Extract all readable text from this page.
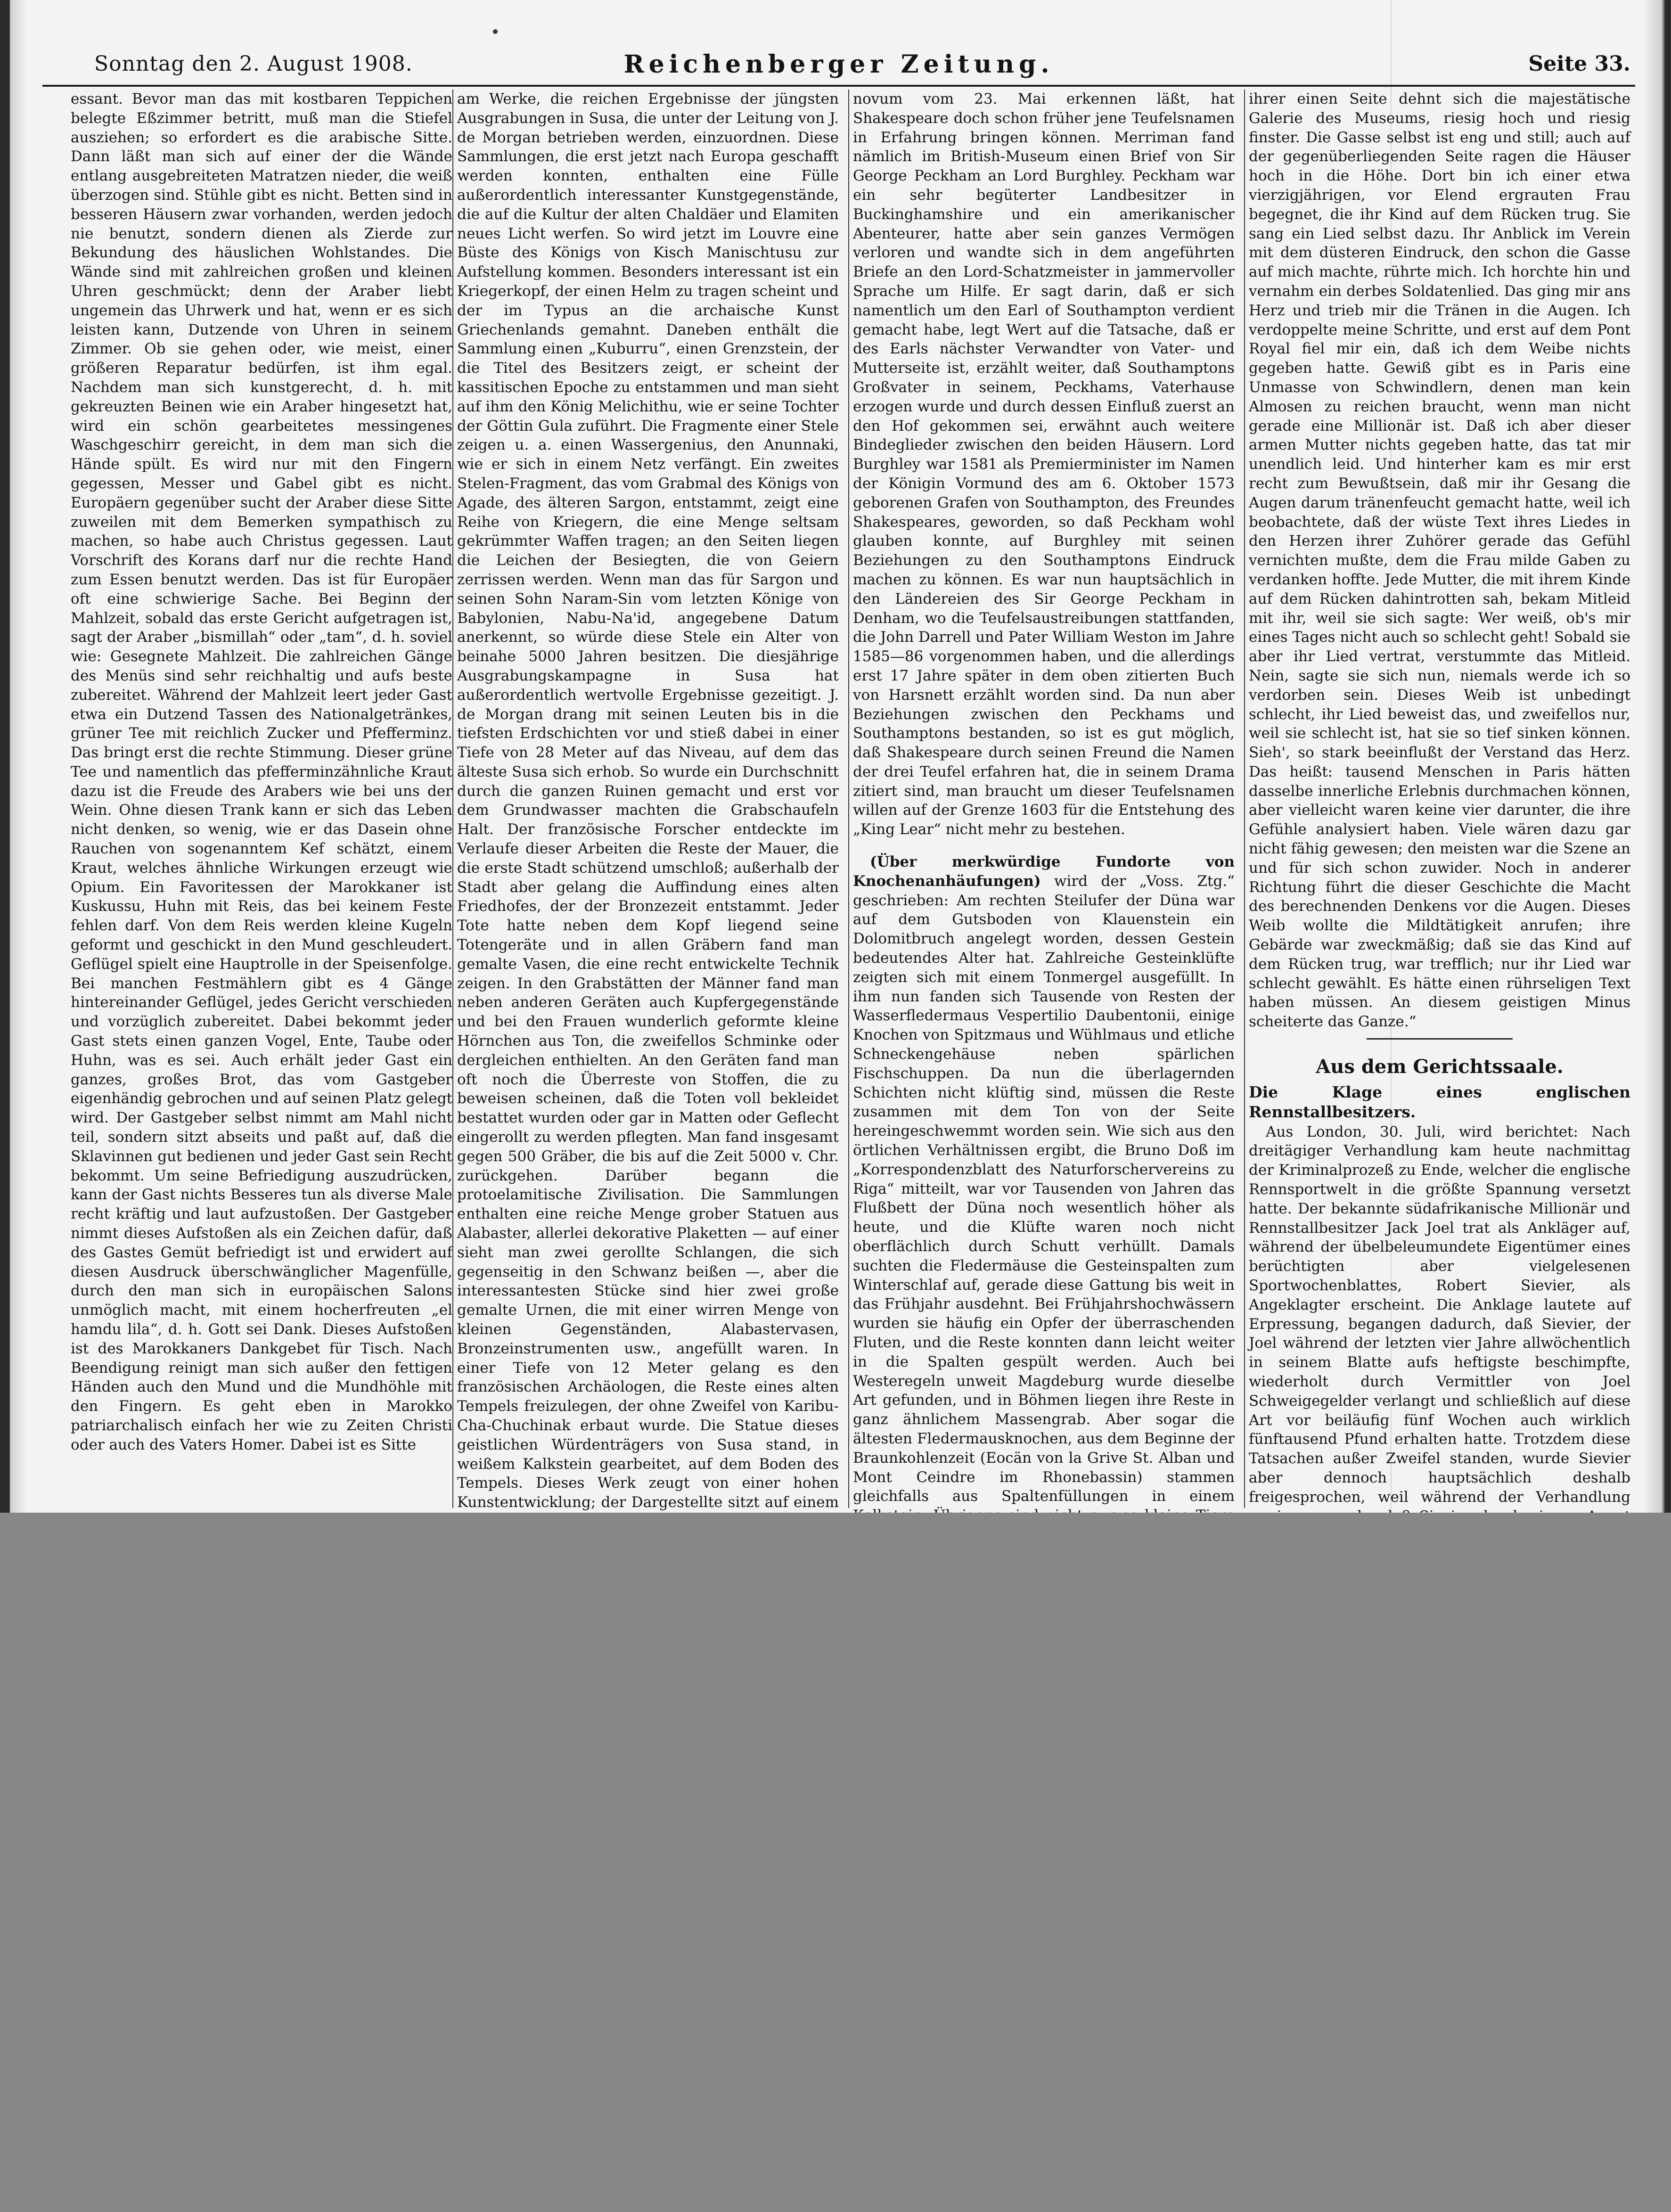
Sonntag den 2. August 1908.	Reichenberger Zeitung.	Seite 33.

essant. Bevor man das mit kostbaren Teppichen belegte Eßzimmer betritt, muß man die Stiefel ausziehen; so erfordert es die arabische Sitte. Dann läßt man sich auf einer der die Wände entlang ausgebreiteten Matratzen nieder, die weiß überzogen sind. Stühle gibt es nicht. Betten sind in besseren Häusern zwar vorhanden, werden jedoch nie benutzt, sondern dienen als Zierde zur Bekundung des häuslichen Wohlstandes. Die Wände sind mit zahlreichen großen und kleinen Uhren geschmückt; denn der Araber liebt ungemein das Uhrwerk und hat, wenn er es sich leisten kann, Dutzende von Uhren in seinem Zimmer. Ob sie gehen oder, wie meist, einer größeren Reparatur bedürfen, ist ihm egal. Nachdem man sich kunstgerecht, d. h. mit gekreuzten Beinen wie ein Araber hingesetzt hat, wird ein schön gearbeitetes messingenes Waschgeschirr gereicht, in dem man sich die Hände spült. Es wird nur mit den Fingern gegessen, Messer und Gabel gibt es nicht. Europäern gegenüber sucht der Araber diese Sitte zuweilen mit dem Bemerken sympathisch zu machen, so habe auch Christus gegessen. Laut Vorschrift des Korans darf nur die rechte Hand zum Essen benutzt werden. Das ist für Europäer oft eine schwierige Sache. Bei Beginn der Mahlzeit, sobald das erste Gericht aufgetragen ist, sagt der Araber „bismillah“ oder „tam“, d. h. soviel wie: Gesegnete Mahlzeit. Die zahlreichen Gänge des Menüs sind sehr reichhaltig und aufs beste zubereitet. Während der Mahlzeit leert jeder Gast etwa ein Dutzend Tassen des Nationalgetränkes, grüner Tee mit reichlich Zucker und Pfefferminz. Das bringt erst die rechte Stimmung. Dieser grüne Tee und namentlich das pfefferminzähnliche Kraut dazu ist die Freude des Arabers wie bei uns der Wein. Ohne diesen Trank kann er sich das Leben nicht denken, so wenig, wie er das Dasein ohne Rauchen von sogenanntem Kef schätzt, einem Kraut, welches ähnliche Wirkungen erzeugt wie Opium. Ein Favoritessen der Marokkaner ist Kuskussu, Huhn mit Reis, das bei keinem Feste fehlen darf. Von dem Reis werden kleine Kugeln geformt und geschickt in den Mund geschleudert. Geflügel spielt eine Hauptrolle in der Speisenfolge. Bei manchen Festmählern gibt es 4 Gänge hintereinander Geflügel, jedes Gericht verschieden und vorzüglich zubereitet. Dabei bekommt jeder Gast stets einen ganzen Vogel, Ente, Taube oder Huhn, was es sei. Auch erhält jeder Gast ein ganzes, großes Brot, das vom Gastgeber eigenhändig gebrochen und auf seinen Platz gelegt wird. Der Gastgeber selbst nimmt am Mahl nicht teil, sondern sitzt abseits und paßt auf, daß die Sklavinnen gut bedienen und jeder Gast sein Recht bekommt. Um seine Befriedigung auszudrücken, kann der Gast nichts Besseres tun als diverse Male recht kräftig und laut aufzustoßen. Der Gastgeber nimmt dieses Aufstoßen als ein Zeichen dafür, daß des Gastes Gemüt befriedigt ist und erwidert auf diesen Ausdruck überschwänglicher Magenfülle, durch den man sich in europäischen Salons unmöglich macht, mit einem hocherfreuten „el hamdu lila“, d. h. Gott sei Dank. Dieses Aufstoßen ist des Marokkaners Dankgebet für Tisch. Nach Beendigung reinigt man sich außer den fettigen Händen auch den Mund und die Mundhöhle mit den Fingern. Es geht eben in Marokko patriarchalisch einfach her wie zu Zeiten Christi oder auch des Vaters Homer. Dabei ist es Sitte

am Werke, die reichen Ergebnisse der jüngsten Ausgrabungen in Susa, die unter der Leitung von J. de Morgan betrieben werden, einzuordnen. Diese Sammlungen, die erst jetzt nach Europa geschafft werden konnten, enthalten eine Fülle außerordentlich interessanter Kunstgegenstände, die auf die Kultur der alten Chaldäer und Elamiten neues Licht werfen. So wird jetzt im Louvre eine Büste des Königs von Kisch Manischtusu zur Aufstellung kommen. Besonders interessant ist ein Kriegerkopf, der einen Helm zu tragen scheint und der im Typus an die archaische Kunst Griechenlands gemahnt. Daneben enthält die Sammlung einen „Kuburru“, einen Grenzstein, der die Titel des Besitzers zeigt, er scheint der kassitischen Epoche zu entstammen und man sieht auf ihm den König Melichithu, wie er seine Tochter der Göttin Gula zuführt. Die Fragmente einer Stele zeigen u. a. einen Wassergenius, den Anunnaki, wie er sich in einem Netz verfängt. Ein zweites Stelen-Fragment, das vom Grabmal des Königs von Agade, des älteren Sargon, entstammt, zeigt eine Reihe von Kriegern, die eine Menge seltsam gekrümmter Waffen tragen; an den Seiten liegen die Leichen der Besiegten, die von Geiern zerrissen werden. Wenn man das für Sargon und seinen Sohn Naram-Sin vom letzten Könige von Babylonien, Nabu-Na'id, angegebene Datum anerkennt, so würde diese Stele ein Alter von beinahe 5000 Jahren besitzen. Die diesjährige Ausgrabungskampagne in Susa hat außerordentlich wertvolle Ergebnisse gezeitigt. J. de Morgan drang mit seinen Leuten bis in die tiefsten Erdschichten vor und stieß dabei in einer Tiefe von 28 Meter auf das Niveau, auf dem das älteste Susa sich erhob. So wurde ein Durchschnitt durch die ganzen Ruinen gemacht und erst vor dem Grundwasser machten die Grabschaufeln Halt. Der französische Forscher entdeckte im Verlaufe dieser Arbeiten die Reste der Mauer, die die erste Stadt schützend umschloß; außerhalb der Stadt aber gelang die Auffindung eines alten Friedhofes, der der Bronzezeit entstammt. Jeder Tote hatte neben dem Kopf liegend seine Totengeräte und in allen Gräbern fand man gemalte Vasen, die eine recht entwickelte Technik zeigen. In den Grabstätten der Männer fand man neben anderen Geräten auch Kupfergegenstände und bei den Frauen wunderlich geformte kleine Hörnchen aus Ton, die zweifellos Schminke oder dergleichen enthielten. An den Geräten fand man oft noch die Überreste von Stoffen, die zu beweisen scheinen, daß die Toten voll bekleidet bestattet wurden oder gar in Matten oder Geflecht eingerollt zu werden pflegten. Man fand insgesamt gegen 500 Gräber, die bis auf die Zeit 5000 v. Chr. zurückgehen. Darüber begann die protoelamitische Zivilisation. Die Sammlungen enthalten eine reiche Menge grober Statuen aus Alabaster, allerlei dekorative Plaketten — auf einer sieht man zwei gerollte Schlangen, die sich gegenseitig in den Schwanz beißen —, aber die interessantesten Stücke sind hier zwei große gemalte Urnen, die mit einer wirren Menge von kleinen Gegenständen, Alabastervasen, Bronzeinstrumenten usw., angefüllt waren. In einer Tiefe von 12 Meter gelang es den französischen Archäologen, die Reste eines alten Tempels freizulegen, der ohne Zweifel von Karibu-Cha-Chuchinak erbaut wurde. Die Statue dieses geistlichen Würdenträgers von Susa stand, in weißem Kalkstein gearbeitet, auf dem Boden des Tempels. Dieses Werk zeugt von einer hohen Kunstentwicklung; der Dargestellte sitzt auf einem

novum vom 23. Mai erkennen läßt, hat Shakespeare doch schon früher jene Teufelsnamen in Erfahrung bringen können. Merriman fand nämlich im British-Museum einen Brief von Sir George Peckham an Lord Burghley. Peckham war ein sehr begüterter Landbesitzer in Buckinghamshire und ein amerikanischer Abenteurer, hatte aber sein ganzes Vermögen verloren und wandte sich in dem angeführten Briefe an den Lord-Schatzmeister in jammervoller Sprache um Hilfe. Er sagt darin, daß er sich namentlich um den Earl of Southampton verdient gemacht habe, legt Wert auf die Tatsache, daß er des Earls nächster Verwandter von Vater- und Mutterseite ist, erzählt weiter, daß Southamptons Großvater in seinem, Peckhams, Vaterhause erzogen wurde und durch dessen Einfluß zuerst an den Hof gekommen sei, erwähnt auch weitere Bindeglieder zwischen den beiden Häusern. Lord Burghley war 1581 als Premierminister im Namen der Königin Vormund des am 6. Oktober 1573 geborenen Grafen von Southampton, des Freundes Shakespeares, geworden, so daß Peckham wohl glauben konnte, auf Burghley mit seinen Beziehungen zu den Southamptons Eindruck machen zu können. Es war nun hauptsächlich in den Ländereien des Sir George Peckham in Denham, wo die Teufelsaustreibungen stattfanden, die John Darrell und Pater William Weston im Jahre 1585—86 vorgenommen haben, und die allerdings erst 17 Jahre später in dem oben zitierten Buch von Harsnett erzählt worden sind. Da nun aber Beziehungen zwischen den Peckhams und Southamptons bestanden, so ist es gut möglich, daß Shakespeare durch seinen Freund die Namen der drei Teufel erfahren hat, die in seinem Drama zitiert sind, man braucht um dieser Teufelsnamen willen auf der Grenze 1603 für die Entstehung des „King Lear“ nicht mehr zu bestehen.

(Über merkwürdige Fundorte von Knochenanhäufungen) wird der „Voss. Ztg.“ geschrieben: Am rechten Steilufer der Düna war auf dem Gutsboden von Klauenstein ein Dolomitbruch angelegt worden, dessen Gestein bedeutendes Alter hat. Zahlreiche Gesteinklüfte zeigten sich mit einem Tonmergel ausgefüllt. In ihm nun fanden sich Tausende von Resten der Wasserfledermaus Vespertilio Daubentonii, einige Knochen von Spitzmaus und Wühlmaus und etliche Schneckengehäuse neben spärlichen Fischschuppen. Da nun die überlagernden Schichten nicht klüftig sind, müssen die Reste zusammen mit dem Ton von der Seite hereingeschwemmt worden sein. Wie sich aus den örtlichen Verhältnissen ergibt, die Bruno Doß im „Korrespondenzblatt des Naturforschervereins zu Riga“ mitteilt, war vor Tausenden von Jahren das Flußbett der Düna noch wesentlich höher als heute, und die Klüfte waren noch nicht oberflächlich durch Schutt verhüllt. Damals suchten die Fledermäuse die Gesteinspalten zum Winterschlaf auf, gerade diese Gattung bis weit in das Frühjahr ausdehnt. Bei Frühjahrshochwässern wurden sie häufig ein Opfer der überraschenden Fluten, und die Reste konnten dann leicht weiter in die Spalten gespült werden. Auch bei Westeregeln unweit Magdeburg wurde dieselbe Art gefunden, und in Böhmen liegen ihre Reste in ganz ähnlichem Massengrab. Aber sogar die ältesten Fledermausknochen, aus dem Beginne der Braunkohlenzeit (Eocän von la Grive St. Alban und Mont Ceindre im Rhonebassin) stammen gleichfalls aus Spaltenfüllungen in einem

ihrer einen Seite dehnt sich die majestätische Galerie des Museums, riesig hoch und riesig finster. Die Gasse selbst ist eng und still; auch auf der gegenüberliegenden Seite ragen die Häuser hoch in die Höhe. Dort bin ich einer etwa vierzigjährigen, vor Elend ergrauten Frau begegnet, die ihr Kind auf dem Rücken trug. Sie sang ein Lied selbst dazu. Ihr Anblick im Verein mit dem düsteren Eindruck, den schon die Gasse auf mich machte, rührte mich. Ich horchte hin und vernahm ein derbes Soldatenlied. Das ging mir ans Herz und trieb mir die Tränen in die Augen. Ich verdoppelte meine Schritte, und erst auf dem Pont Royal fiel mir ein, daß ich dem Weibe nichts gegeben hatte. Gewiß gibt es in Paris eine Unmasse von Schwindlern, denen man kein Almosen zu reichen braucht, wenn man nicht gerade eine Millionär ist. Daß ich aber dieser armen Mutter nichts gegeben hatte, das tat mir unendlich leid. Und hinterher kam es mir erst recht zum Bewußtsein, daß mir ihr Gesang die Augen darum tränenfeucht gemacht hatte, weil ich beobachtete, daß der wüste Text ihres Liedes in den Herzen ihrer Zuhörer gerade das Gefühl vernichten mußte, dem die Frau milde Gaben zu verdanken hoffte. Jede Mutter, die mit ihrem Kinde auf dem Rücken dahintrotten sah, bekam Mitleid mit ihr, weil sie sich sagte: Wer weiß, ob's mir eines Tages nicht auch so schlecht geht! Sobald sie aber ihr Lied vertrat, verstummte das Mitleid. Nein, sagte sie sich nun, niemals werde ich so verdorben sein. Dieses Weib ist unbedingt schlecht, ihr Lied beweist das, und zweifellos nur, weil sie schlecht ist, hat sie so tief sinken können. Sieh', so stark beeinflußt der Verstand das Herz. Das heißt: tausend Menschen in Paris hätten dasselbe innerliche Erlebnis durchmachen können, aber vielleicht waren keine vier darunter, die ihre Gefühle analysiert haben. Viele wären dazu gar nicht fähig gewesen; den meisten war die Szene an und für sich schon zuwider. Noch in anderer Richtung führt die dieser Geschichte die Macht des berechnenden Denkens vor die Augen. Dieses Weib wollte die Mildtätigkeit anrufen; ihre Gebärde war zweckmäßig; daß sie das Kind auf dem Rücken trug, war trefflich; nur ihr Lied war schlecht gewählt. Es hätte einen rührseligen Text haben müssen. An diesem geistigen Minus scheiterte das Ganze.“

Aus dem Gerichtssaale.

Die Klage eines englischen Rennstallbesitzers.

Aus London, 30. Juli, wird berichtet: Nach dreitägiger Verhandlung kam heute nachmittag der Kriminalprozeß zu Ende, welcher die englische Rennsportwelt in die größte Spannung versetzt hatte. Der bekannte südafrikanische Millionär und Rennstallbesitzer Jack Joel trat als Ankläger auf, während der übelbeleumundete Eigentümer eines berüchtigten aber vielgelesenen Sportwochenblattes, Robert Sievier, als Angeklagter erscheint. Die Anklage lautete auf Erpressung, begangen dadurch, daß Sievier, der Joel während der letzten vier Jahre allwöchentlich in seinem Blatte aufs heftigste beschimpfte, wiederholt durch Vermittler von Joel Schweigegelder verlangt und schließlich auf diese Art vor beiläufig fünf Wochen auch wirklich fünftausend Pfund erhalten hatte. Trotzdem diese Tatsachen außer Zweifel standen, wurde Sievier aber dennoch hauptsächlich deshalb freigesprochen, weil während der Verhandlung
